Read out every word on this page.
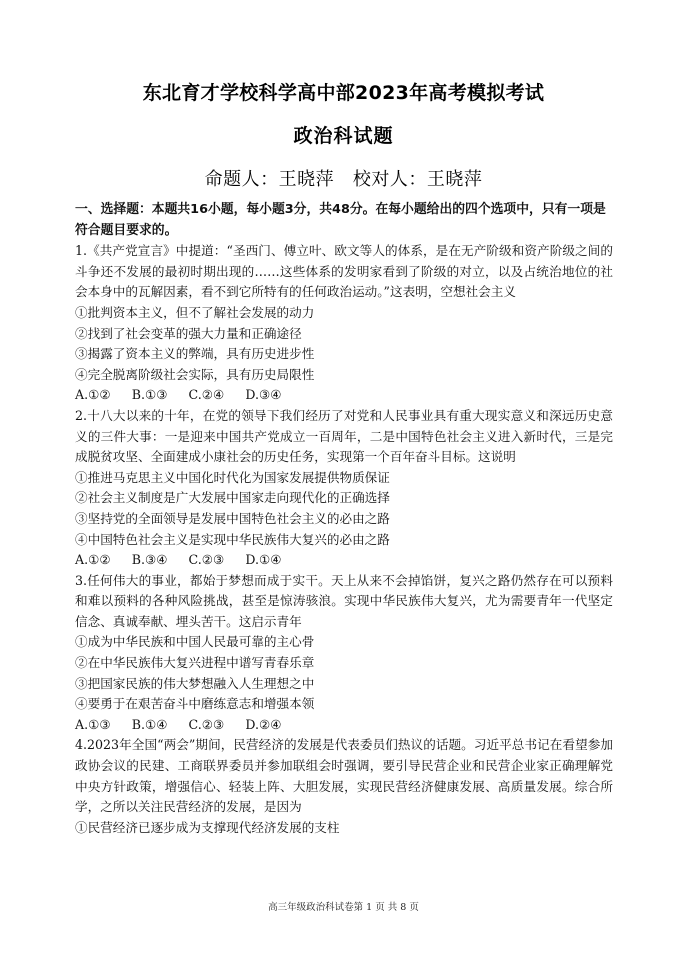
东北育才学校科学高中部2023年高考模拟考试
政治科试题
命题人：王晓萍   校对人：王晓萍

一、选择题：本题共16小题，每小题3分，共48分。在每小题给出的四个选项中，只有一项是符合题目要求的。

1.《共产党宣言》中提道：“圣西门、傅立叶、欧文等人的体系，是在无产阶级和资产阶级之间的斗争还不发展的最初时期出现的……这些体系的发明家看到了阶级的对立，以及占统治地位的社会本身中的瓦解因素，看不到它所特有的任何政治运动。”这表明，空想社会主义

①批判资本主义，但不了解社会发展的动力

②找到了社会变革的强大力量和正确途径

③揭露了资本主义的弊端，具有历史进步性

④完全脱离阶级社会实际，具有历史局限性

A.①②   B.①③   C.②④   D.③④

2.十八大以来的十年，在党的领导下我们经历了对党和人民事业具有重大现实意义和深远历史意义的三件大事：一是迎来中国共产党成立一百周年，二是中国特色社会主义进入新时代，三是完成脱贫攻坚、全面建成小康社会的历史任务，实现第一个百年奋斗目标。这说明

①推进马克思主义中国化时代化为国家发展提供物质保证

②社会主义制度是广大发展中国家走向现代化的正确选择

③坚持党的全面领导是发展中国特色社会主义的必由之路

④中国特色社会主义是实现中华民族伟大复兴的必由之路

A.①②   B.③④   C.②③   D.①④

3.任何伟大的事业，都始于梦想而成于实干。天上从来不会掉馅饼，复兴之路仍然存在可以预料和难以预料的各种风险挑战，甚至是惊涛骇浪。实现中华民族伟大复兴，尤为需要青年一代坚定信念、真诚奉献、埋头苦干。这启示青年

①成为中华民族和中国人民最可靠的主心骨

②在中华民族伟大复兴进程中谱写青春乐章

③把国家民族的伟大梦想融入人生理想之中

④要勇于在艰苦奋斗中磨练意志和增强本领

A.①③   B.①④   C.②③   D.②④

4.2023年全国“两会”期间，民营经济的发展是代表委员们热议的话题。习近平总书记在看望参加政协会议的民建、工商联界委员并参加联组会时强调，要引导民营企业和民营企业家正确理解党中央方针政策，增强信心、轻装上阵、大胆发展，实现民营经济健康发展、高质量发展。综合所学，之所以关注民营经济的发展，是因为

①民营经济已逐步成为支撑现代经济发展的支柱

高三年级政治科试卷第 1 页 共 8 页
